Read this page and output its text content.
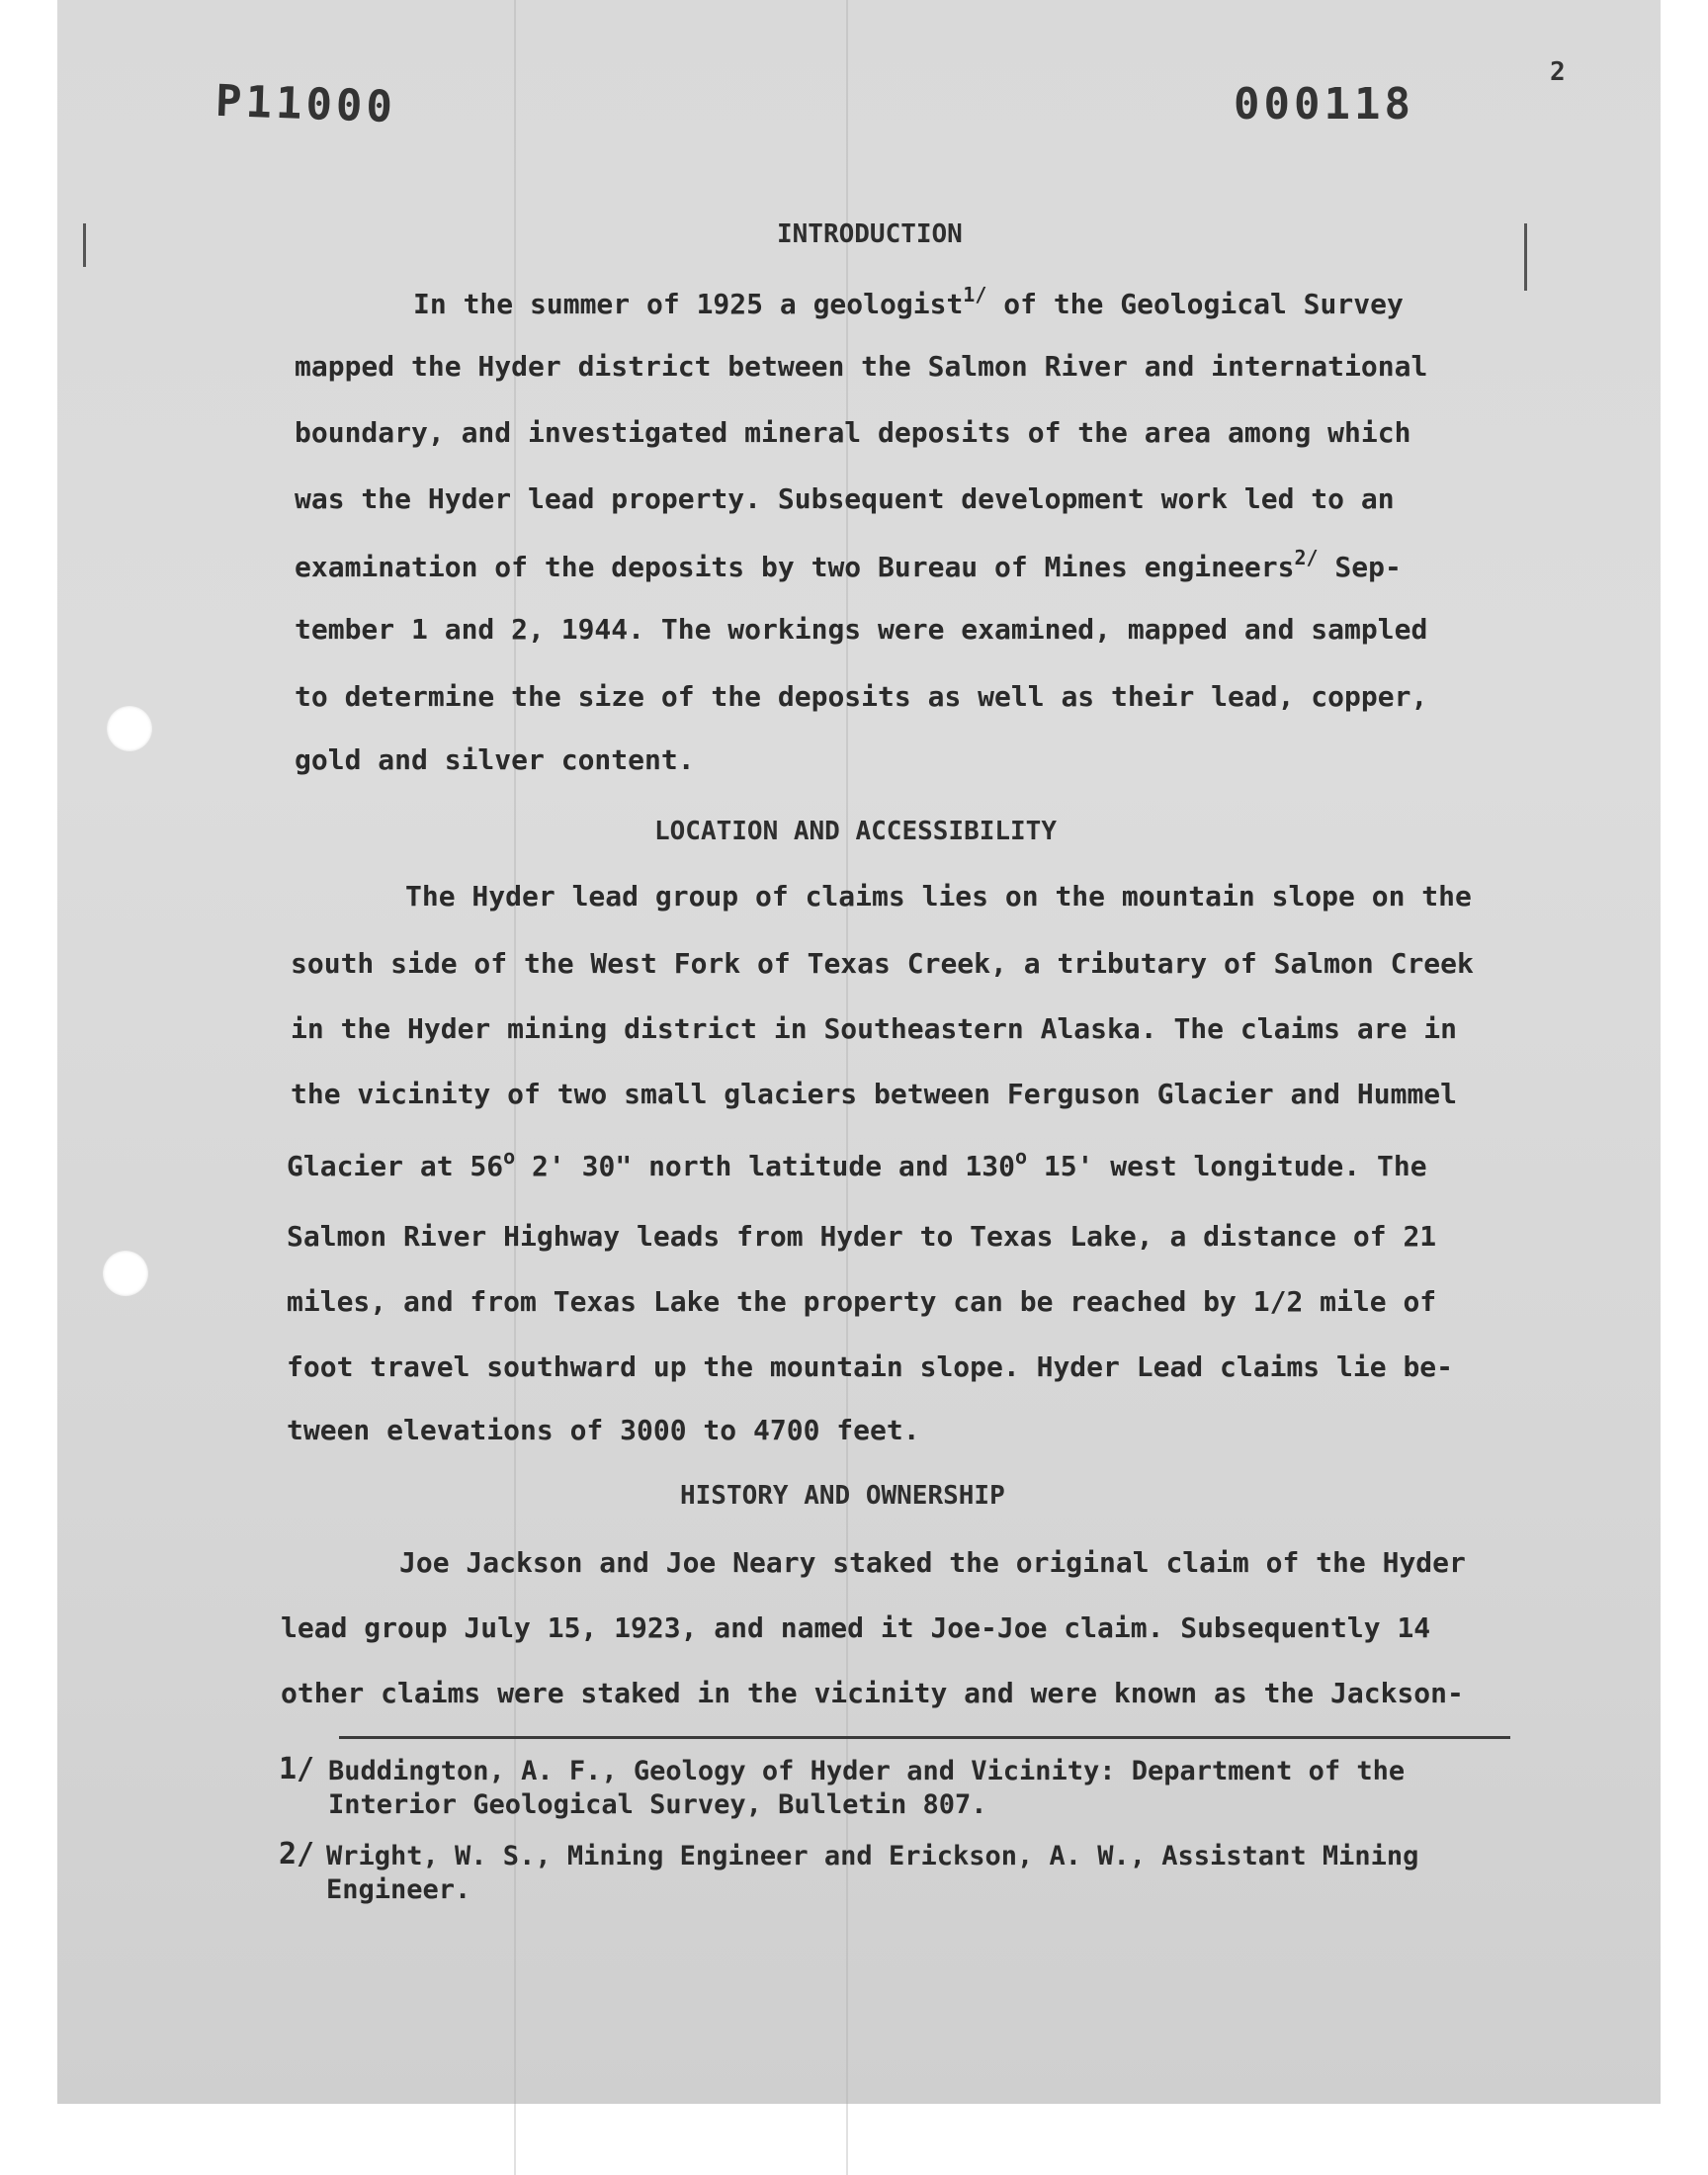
P11000	000118
2
INTRODUCTION
In the summer of 1925 a geologist$^{1/}$ of the Geological Survey
mapped the Hyder district between the Salmon River and international
boundary, and investigated mineral deposits of the area among which
was the Hyder lead property. Subsequent development work led to an
examination of the deposits by two Bureau of Mines engineers$^{2/}$ Sep-
tember 1 and 2, 1944. The workings were examined, mapped and sampled
to determine the size of the deposits as well as their lead, copper,
gold and silver content.
LOCATION AND ACCESSIBILITY
The Hyder lead group of claims lies on the mountain slope on the
south side of the West Fork of Texas Creek, a tributary of Salmon Creek
in the Hyder mining district in Southeastern Alaska. The claims are in
the vicinity of two small glaciers between Ferguson Glacier and Hummel
Glacier at 56$^o$ 2' 30" north latitude and 130$^o$ 15' west longitude. The
Salmon River Highway leads from Hyder to Texas Lake, a distance of 21
miles, and from Texas Lake the property can be reached by 1/2 mile of
foot travel southward up the mountain slope. Hyder Lead claims lie be-
tween elevations of 3000 to 4700 feet.
HISTORY AND OWNERSHIP
Joe Jackson and Joe Neary staked the original claim of the Hyder
lead group July 15, 1923, and named it Joe-Joe claim. Subsequently 14
other claims were staked in the vicinity and were known as the Jackson-
1/ Buddington, A. F., Geology of Hyder and Vicinity: Department of the
Interior Geological Survey, Bulletin 807.
2/ Wright, W. S., Mining Engineer and Erickson, A. W., Assistant Mining
Engineer.
